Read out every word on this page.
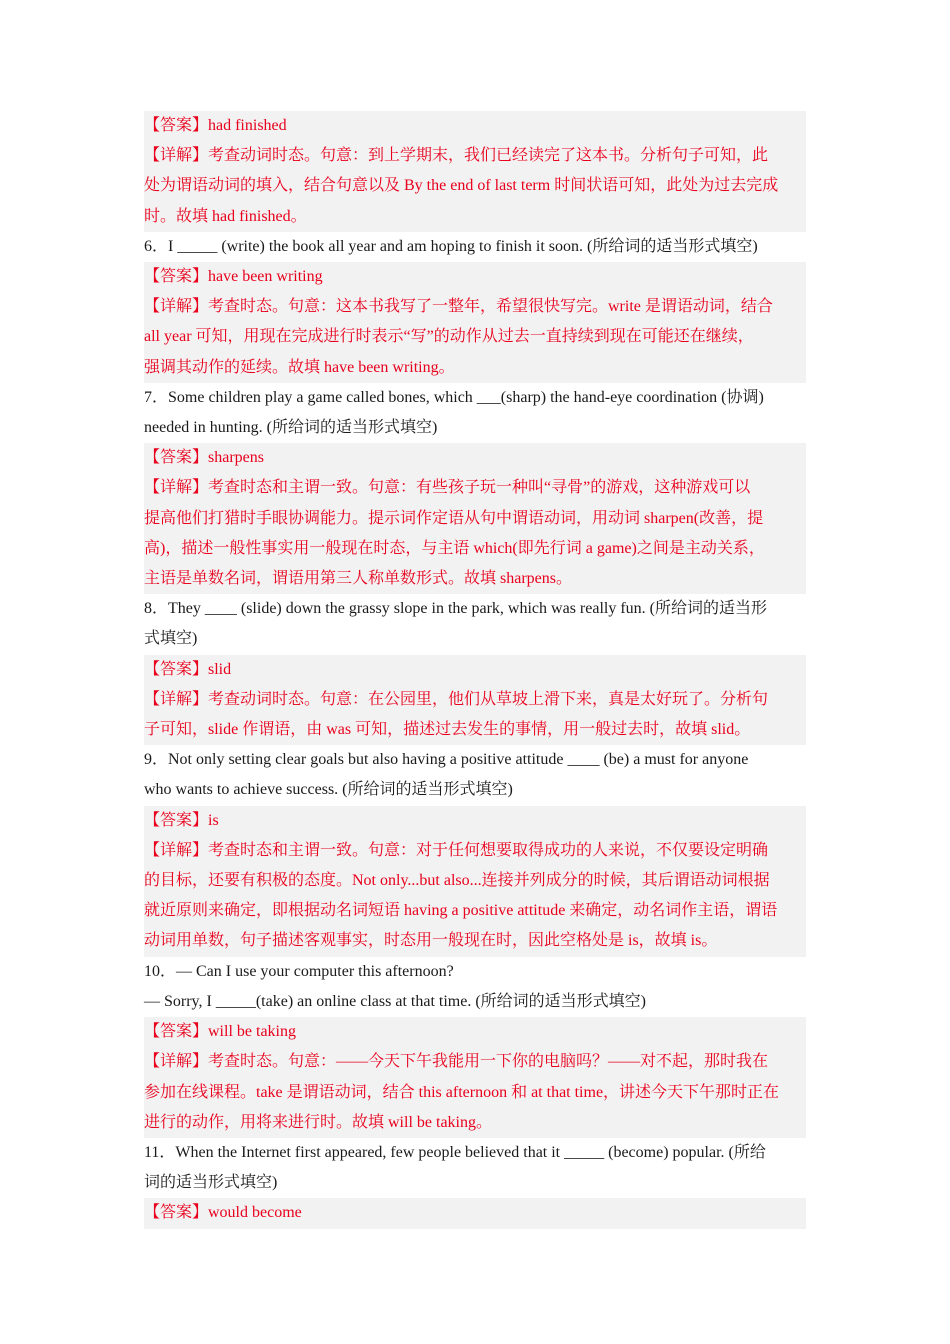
【答案】had finished
【详解】考查动词时态。句意：到上学期末，我们已经读完了这本书。分析句子可知，此
处为谓语动词的填入，结合句意以及 By the end of last term 时间状语可知，此处为过去完成
时。故填 had finished。
6．I _____ (write) the book all year and am hoping to finish it soon. (所给词的适当形式填空)
【答案】have been writing
【详解】考查时态。句意：这本书我写了一整年，希望很快写完。write 是谓语动词，结合
all year 可知，用现在完成进行时表示“写”的动作从过去一直持续到现在可能还在继续，
强调其动作的延续。故填 have been writing。
7．Some children play a game called bones, which ___(sharp) the hand-eye coordination (协调)
needed in hunting. (所给词的适当形式填空)
【答案】sharpens
【详解】考查时态和主谓一致。句意：有些孩子玩一种叫“寻骨”的游戏，这种游戏可以
提高他们打猎时手眼协调能力。提示词作定语从句中谓语动词，用动词 sharpen(改善，提
高)，描述一般性事实用一般现在时态，与主语 which(即先行词 a game)之间是主动关系，
主语是单数名词，谓语用第三人称单数形式。故填 sharpens。
8．They ____ (slide) down the grassy slope in the park, which was really fun. (所给词的适当形
式填空)
【答案】slid
【详解】考查动词时态。句意：在公园里，他们从草坡上滑下来，真是太好玩了。分析句
子可知，slide 作谓语，由 was 可知，描述过去发生的事情，用一般过去时，故填 slid。
9．Not only setting clear goals but also having a positive attitude ____ (be) a must for anyone
who wants to achieve success. (所给词的适当形式填空)
【答案】is
【详解】考查时态和主谓一致。句意：对于任何想要取得成功的人来说，不仅要设定明确
的目标，还要有积极的态度。Not only...but also...连接并列成分的时候，其后谓语动词根据
就近原则来确定，即根据动名词短语 having a positive attitude 来确定，动名词作主语，谓语
动词用单数，句子描述客观事实，时态用一般现在时，因此空格处是 is，故填 is。
10．— Can I use your computer this afternoon?
— Sorry, I _____(take) an online class at that time. (所给词的适当形式填空)
【答案】will be taking
【详解】考查时态。句意：——今天下午我能用一下你的电脑吗？——对不起，那时我在
参加在线课程。take 是谓语动词，结合 this afternoon 和 at that time，讲述今天下午那时正在
进行的动作，用将来进行时。故填 will be taking。
11．When the Internet first appeared, few people believed that it _____ (become) popular. (所给
词的适当形式填空)
【答案】would become
